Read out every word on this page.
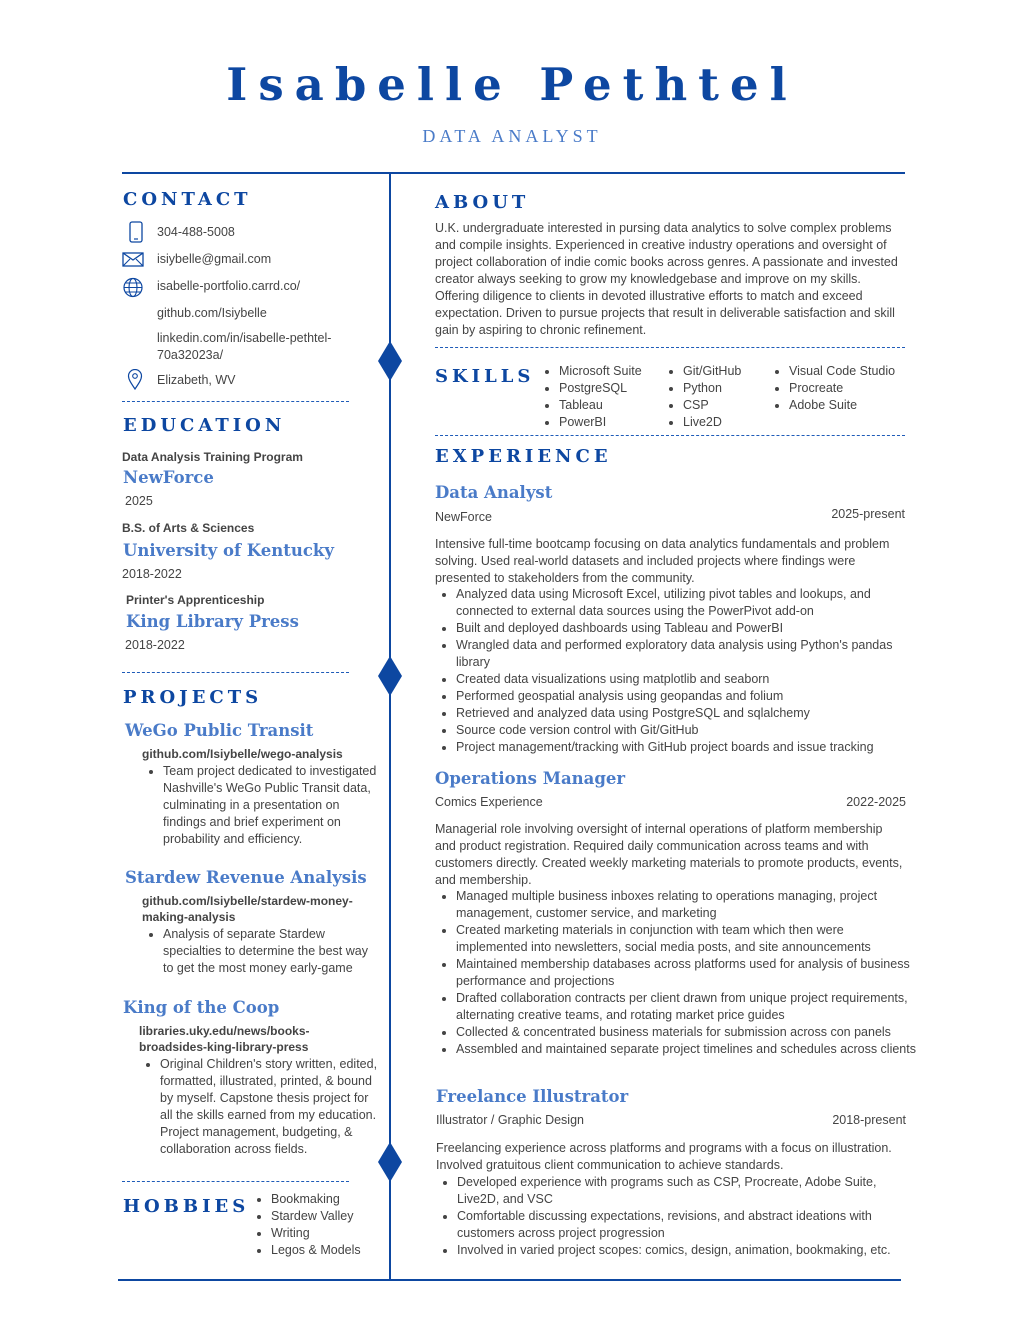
Isabelle Pethtel
DATA ANALYST
CONTACT
304-488-5008
isiybelle@gmail.com
isabelle-portfolio.carrd.co/
github.com/Isiybelle
linkedin.com/in/isabelle-pethtel-
70a32023a/
Elizabeth, WV
EDUCATION
Data Analysis Training Program
NewForce
2025
B.S. of Arts & Sciences
University of Kentucky
2018-2022
Printer's Apprenticeship
King Library Press
2018-2022
PROJECTS
WeGo Public Transit
github.com/Isiybelle/wego-analysis
• Team project dedicated to investigated Nashville's WeGo Public Transit data, culminating in a presentation on findings and brief experiment on probability and efficiency.
Stardew Revenue Analysis
github.com/Isiybelle/stardew-money-making-analysis
• Analysis of separate Stardew specialties to determine the best way to get the most money early-game
King of the Coop
libraries.uky.edu/news/books-broadsides-king-library-press
• Original Children's story written, edited, formatted, illustrated, printed, & bound by myself. Capstone thesis project for all the skills earned from my education. Project management, budgeting, & collaboration across fields.
HOBBIES • Bookmaking
• Stardew Valley
• Writing
• Legos & Models
ABOUT
U.K. undergraduate interested in pursing data analytics to solve complex problems and compile insights. Experienced in creative industry operations and oversight of project collaboration of indie comic books across genres. A passionate and invested creator always seeking to grow my knowledgebase and improve on my skills. Offering diligence to clients in devoted illustrative efforts to match and exceed expectation. Driven to pursue projects that result in deliverable satisfaction and skill gain by aspiring to chronic refinement.
SKILLS • Microsoft Suite
• PostgreSQL
• Tableau
• PowerBI
• Git/GitHub
• Python
• CSP
• Live2D
• Visual Code Studio
• Procreate
• Adobe Suite
EXPERIENCE
Data Analyst
NewForce	2025-present
Intensive full-time bootcamp focusing on data analytics fundamentals and problem solving. Used real-world datasets and included projects where findings were presented to stakeholders from the community.
• Analyzed data using Microsoft Excel, utilizing pivot tables and lookups, and connected to external data sources using the PowerPivot add-on
• Built and deployed dashboards using Tableau and PowerBI
• Wrangled data and performed exploratory data analysis using Python's pandas library
• Created data visualizations using matplotlib and seaborn
• Performed geospatial analysis using geopandas and folium
• Retrieved and analyzed data using PostgreSQL and sqlalchemy
• Source code version control with Git/GitHub
• Project management/tracking with GitHub project boards and issue tracking
Operations Manager
Comics Experience	2022-2025
Managerial role involving oversight of internal operations of platform membership and product registration. Required daily communication across teams and with customers directly. Created weekly marketing materials to promote products, events, and membership.
• Managed multiple business inboxes relating to operations managing, project management, customer service, and marketing
• Created marketing materials in conjunction with team which then were implemented into newsletters, social media posts, and site announcements
• Maintained membership databases across platforms used for analysis of business performance and projections
• Drafted collaboration contracts per client drawn from unique project requirements, alternating creative teams, and rotating market price guides
• Collected & concentrated business materials for submission across con panels
• Assembled and maintained separate project timelines and schedules across clients
Freelance Illustrator
Illustrator / Graphic Design	2018-present
Freelancing experience across platforms and programs with a focus on illustration. Involved gratuitous client communication to achieve standards.
• Developed experience with programs such as CSP, Procreate, Adobe Suite, Live2D, and VSC
• Comfortable discussing expectations, revisions, and abstract ideations with customers across project progression
• Involved in varied project scopes: comics, design, animation, bookmaking, etc.
